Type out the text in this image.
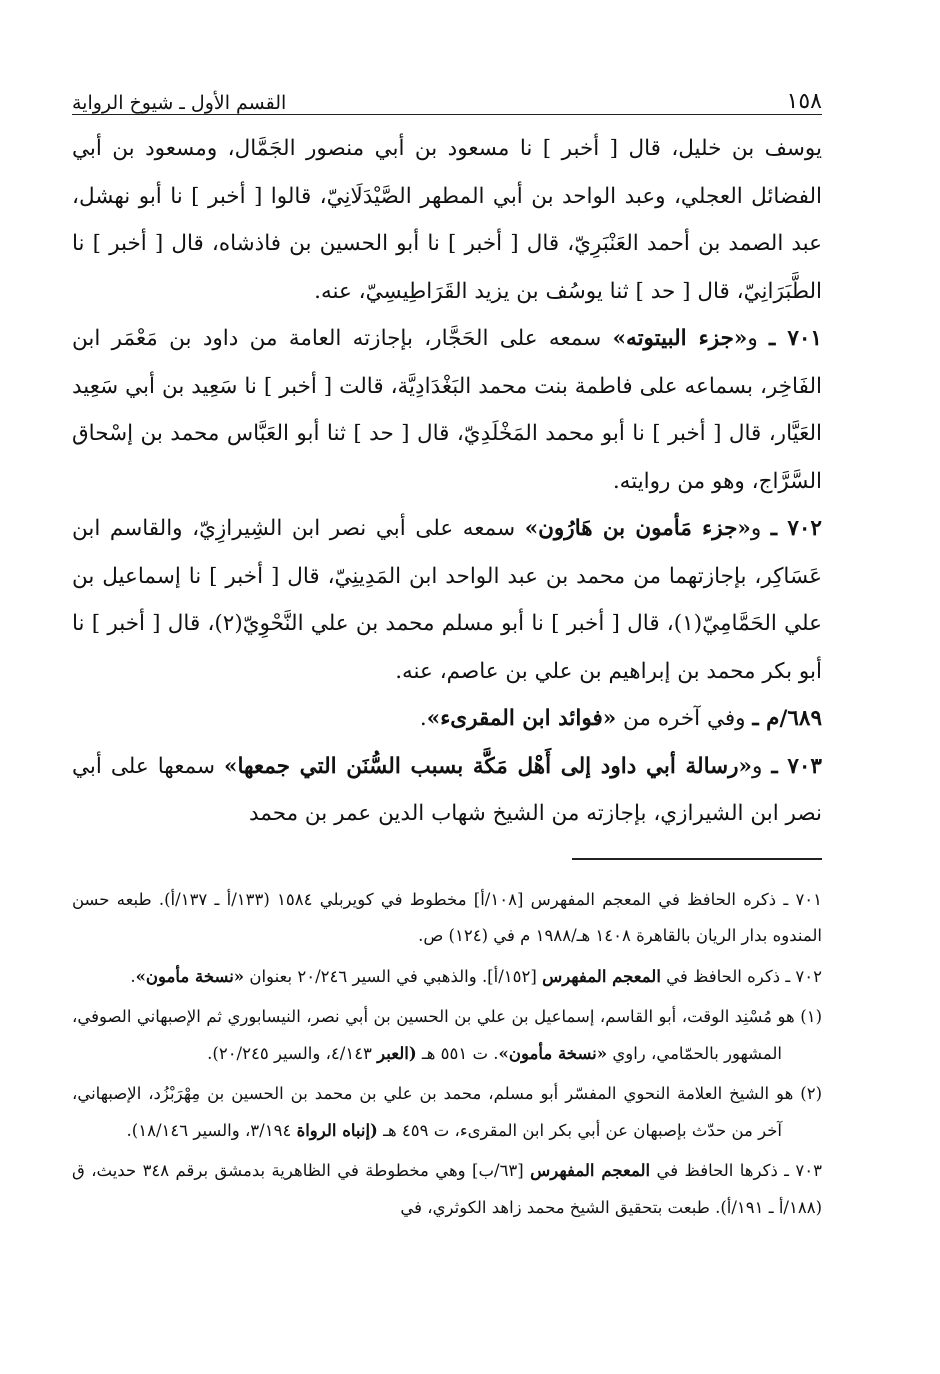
١٥٨
القسم الأول ـ شيوخ الرواية

يوسف بن خليل، قال [ أخبر ] نا مسعود بن أبي منصور الجَمَّال، ومسعود بن أبي الفضائل العجلي، وعبد الواحد بن أبي المطهر الصَّيْدَلَانِيّ، قالوا [ أخبر ] نا أبو نهشل، عبد الصمد بن أحمد العَنْبَرِيّ، قال [ أخبر ] نا أبو الحسين بن فاذشاه، قال [ أخبر ] نا الطَّبَرَانِيّ، قال [ حد ] ثنا يوسُف بن يزيد القَرَاطِيسِيّ، عنه.

٧٠١ ـ و«جزء البيتوته» سمعه على الحَجَّار، بإجازته العامة من داود بن مَعْمَر ابن الفَاخِر، بسماعه على فاطمة بنت محمد البَغْدَادِيَّة، قالت [ أخبر ] نا سَعِيد بن أبي سَعِيد العَيَّار، قال [ أخبر ] نا أبو محمد المَخْلَدِيّ، قال [ حد ] ثنا أبو العَبَّاس محمد بن إسْحاق السَّرَّاج، وهو من روايته.

٧٠٢ ـ و«جزء مَأمون بن هَارُون» سمعه على أبي نصر ابن الشِيرازِيّ، والقاسم ابن عَسَاكِر، بإجازتهما من محمد بن عبد الواحد ابن المَدِينِيّ، قال [ أخبر ] نا إسماعيل بن علي الحَمَّامِيّ(١)، قال [ أخبر ] نا أبو مسلم محمد بن علي النَّحْوِيّ(٢)، قال [ أخبر ] نا أبو بكر محمد بن إبراهيم بن علي بن عاصم، عنه.

٦٨٩/م ـ وفي آخره من «فوائد ابن المقرىء».

٧٠٣ ـ و«رسالة أبي داود إلى أَهْل مَكَّة بسبب السُّنَن التي جمعها» سمعها على أبي نصر ابن الشيرازي، بإجازته من الشيخ شهاب الدين عمر بن محمد

٧٠١ ـ ذكره الحافظ في المعجم المفهرس [١٠٨/أ] مخطوط في كويربلي ١٥٨٤ (١٣٣/أ ـ ١٣٧/أ). طبعه حسن المندوه بدار الريان بالقاهرة ١٤٠٨ هـ/١٩٨٨ م في (١٢٤) ص.

٧٠٢ ـ ذكره الحافظ في المعجم المفهرس [١٥٢/أ]. والذهبي في السير ٢٠/٢٤٦ بعنوان «نسخة مأمون».

(١) هو مُسْنِد الوقت، أبو القاسم، إسماعيل بن علي بن الحسين بن أبي نصر، النيسابوري ثم الإصبهاني الصوفي، المشهور بالحمّامي، راوي «نسخة مأمون». ت ٥٥١ هـ (العبر ٤/١٤٣، والسير ٢٠/٢٤٥).

(٢) هو الشيخ العلامة النحوي المفسّر أبو مسلم، محمد بن علي بن محمد بن الحسين بن مِهْرَبْزُد، الإصبهاني، آخر من حدّث بإصبهان عن أبي بكر ابن المقرىء، ت ٤٥٩ هـ (إنباه الرواة ٣/١٩٤، والسير ١٨/١٤٦).

٧٠٣ ـ ذكرها الحافظ في المعجم المفهرس [٦٣/ب] وهي مخطوطة في الظاهرية بدمشق برقم ٣٤٨ حديث، ق (١٨٨/أ ـ ١٩١/أ). طبعت بتحقيق الشيخ محمد زاهد الكوثري، في
